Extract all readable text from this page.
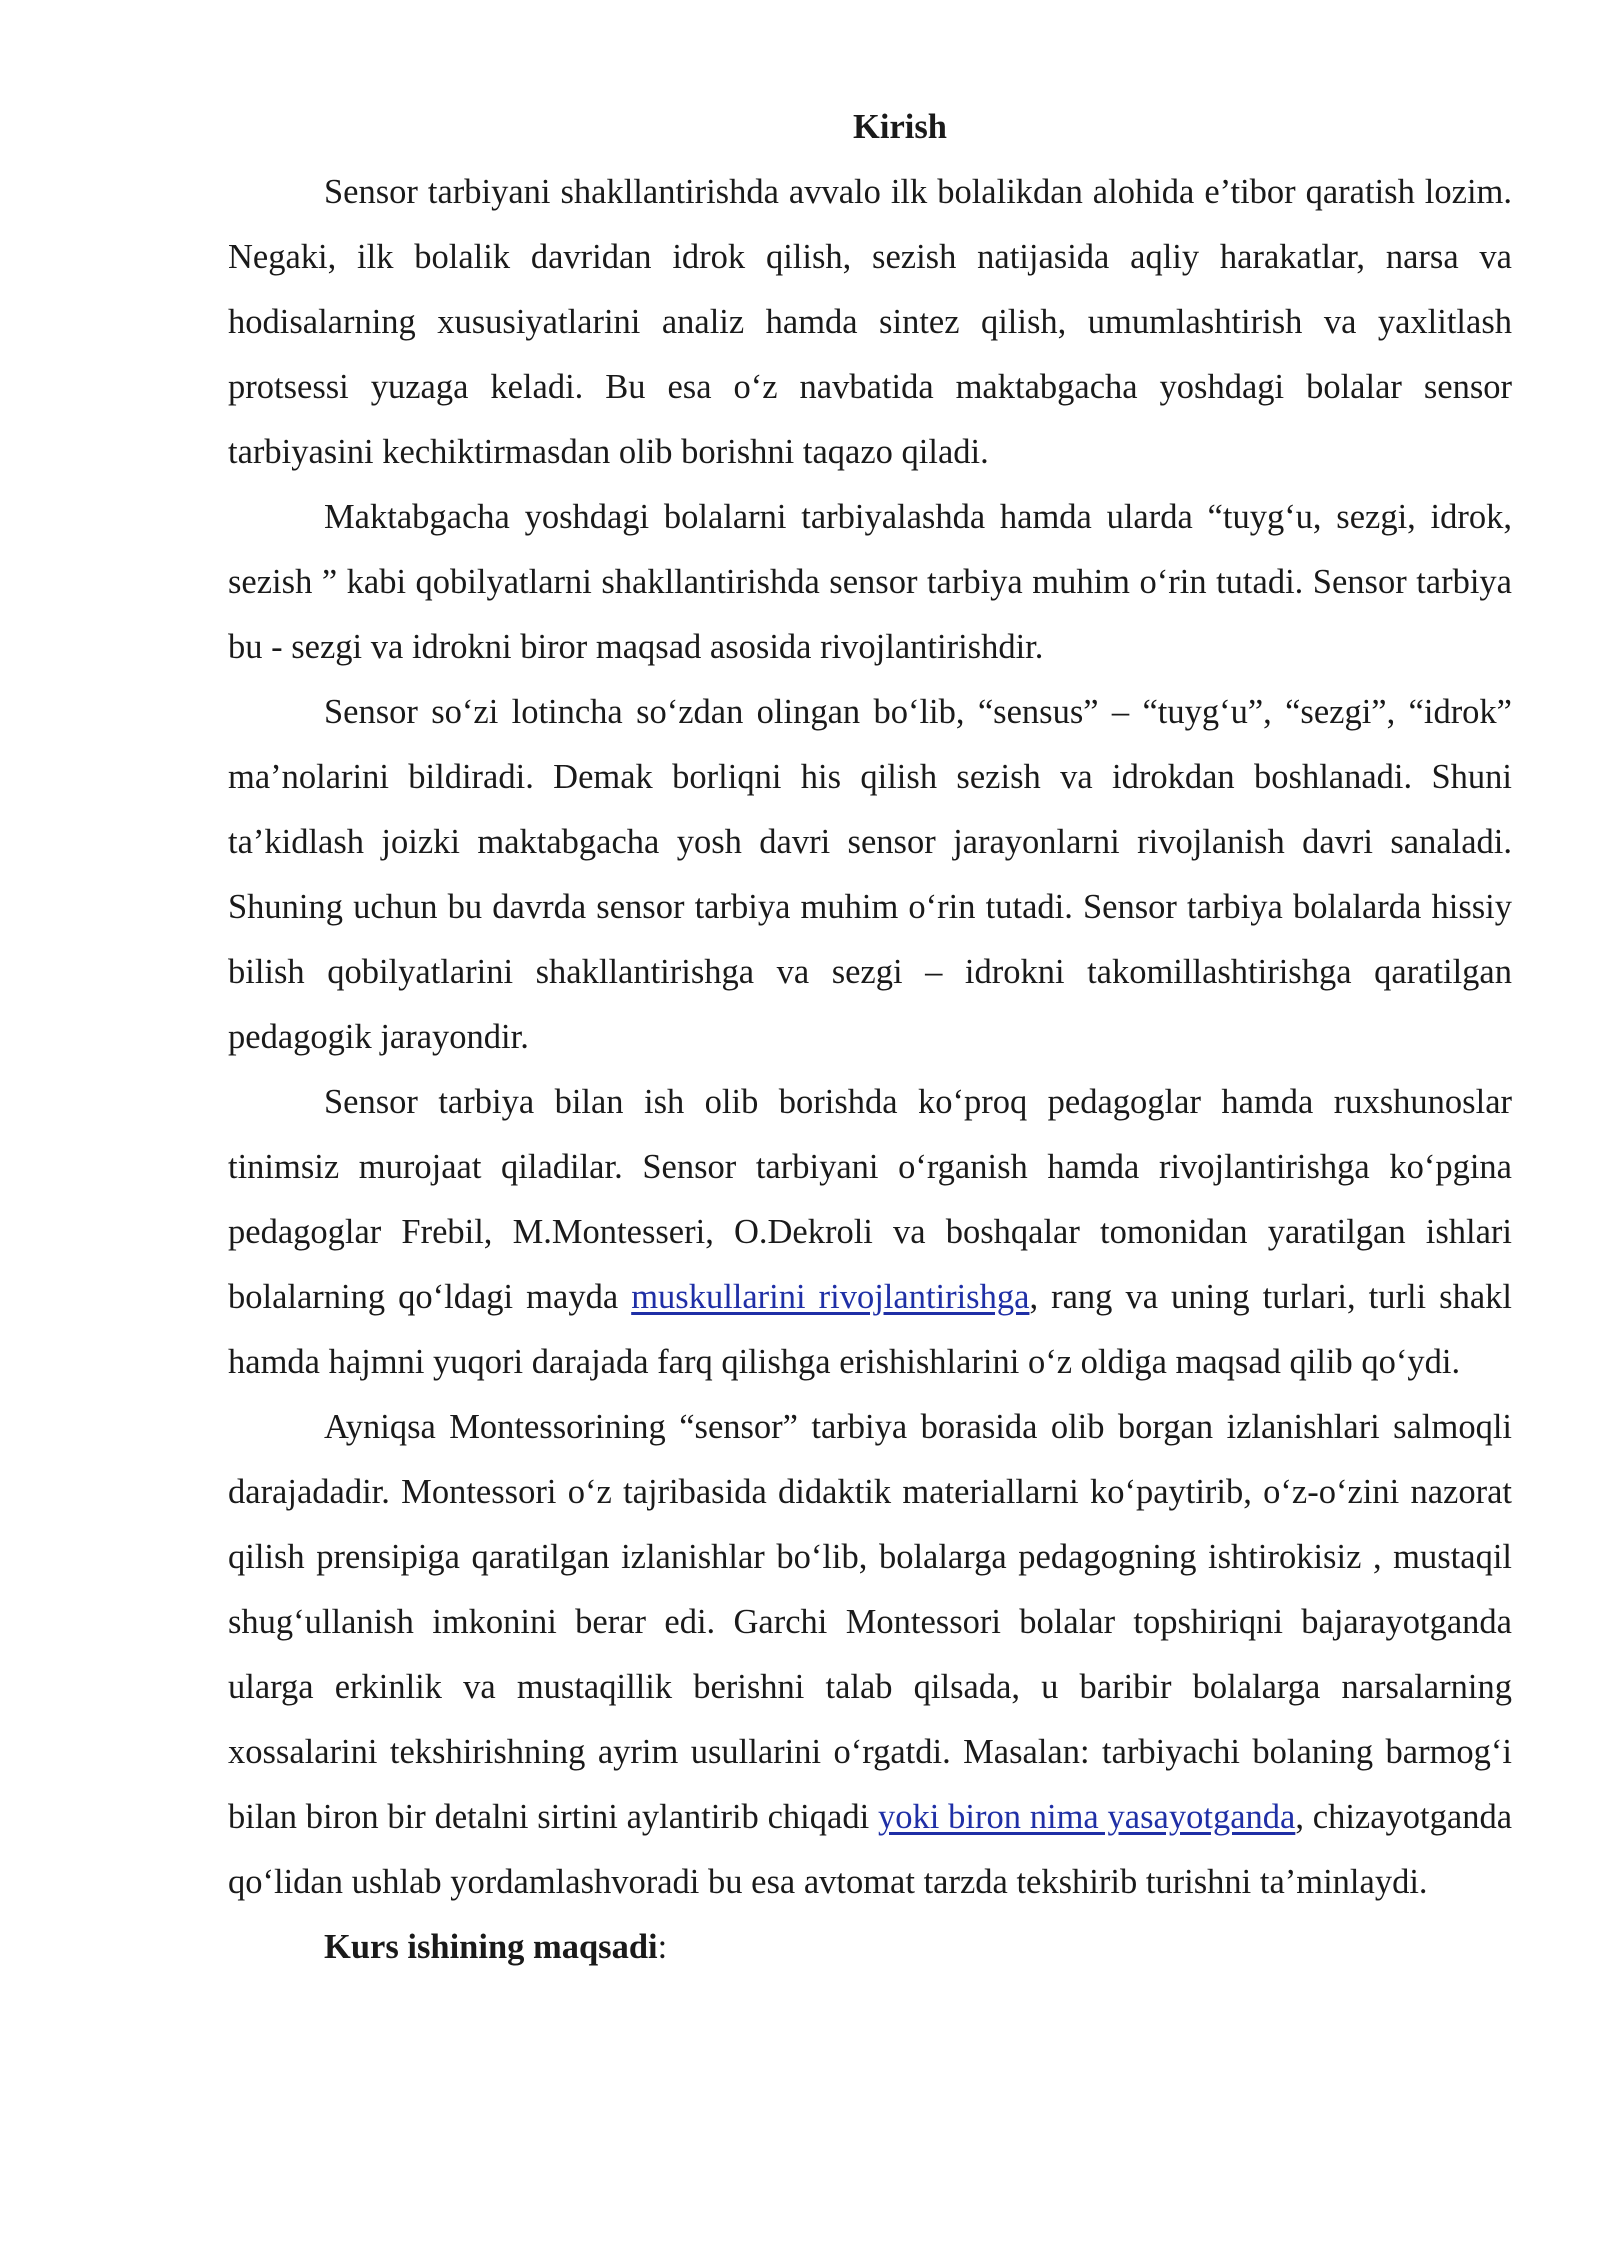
Kirish

Sensor tarbiyani shakllantirishda avvalo ilk bolalikdan alohida e’tibor qaratish lozim. Negaki, ilk bolalik davridan idrok qilish, sezish natijasida aqliy harakatlar, narsa va hodisalarning xususiyatlarini analiz hamda sintez qilish, umumlashtirish va yaxlitlash protsessi yuzaga keladi. Bu esa o‘z navbatida maktabgacha yoshdagi bolalar sensor tarbiyasini kechiktirmasdan olib borishni taqazo qiladi.

Maktabgacha yoshdagi bolalarni tarbiyalashda hamda ularda “tuyg‘u, sezgi, idrok, sezish ” kabi qobilyatlarni shakllantirishda sensor tarbiya muhim o‘rin tutadi. Sensor tarbiya bu - sezgi va idrokni biror maqsad asosida rivojlantirishdir.

Sensor so‘zi lotincha so‘zdan olingan bo‘lib, “sensus” – “tuyg‘u”, “sezgi”, “idrok” ma’nolarini bildiradi. Demak borliqni his qilish sezish va idrokdan boshlanadi. Shuni ta’kidlash joizki maktabgacha yosh davri sensor jarayonlarni rivojlanish davri sanaladi. Shuning uchun bu davrda sensor tarbiya muhim o‘rin tutadi. Sensor tarbiya bolalarda hissiy bilish qobilyatlarini shakllantirishga va sezgi – idrokni takomillashtirishga qaratilgan pedagogik jarayondir.

Sensor tarbiya bilan ish olib borishda ko‘proq pedagoglar hamda ruxshunoslar tinimsiz murojaat qiladilar. Sensor tarbiyani o‘rganish hamda rivojlantirishga ko‘pgina pedagoglar Frebil, M.Montesseri, O.Dekroli va boshqalar tomonidan yaratilgan ishlari bolalarning qo‘ldagi mayda muskullarini rivojlantirishga, rang va uning turlari, turli shakl hamda hajmni yuqori darajada farq qilishga erishishlarini o‘z oldiga maqsad qilib qo‘ydi.

Ayniqsa Montessorining “sensor” tarbiya borasida olib borgan izlanishlari salmoqli darajadadir. Montessori o‘z tajribasida didaktik materiallarni ko‘paytirib, o‘z-o‘zini nazorat qilish prensipiga qaratilgan izlanishlar bo‘lib, bolalarga pedagogning ishtirokisiz , mustaqil shug‘ullanish imkonini berar edi. Garchi Montessori bolalar topshiriqni bajarayotganda ularga erkinlik va mustaqillik berishni talab qilsada, u baribir bolalarga narsalarning xossalarini tekshirishning ayrim usullarini o‘rgatdi. Masalan: tarbiyachi bolaning barmog‘i bilan biron bir detalni sirtini aylantirib chiqadi yoki biron nima yasayotganda, chizayotganda qo‘lidan ushlab yordamlashvoradi bu esa avtomat tarzda tekshirib turishni ta’minlaydi.

Kurs ishining maqsadi:
